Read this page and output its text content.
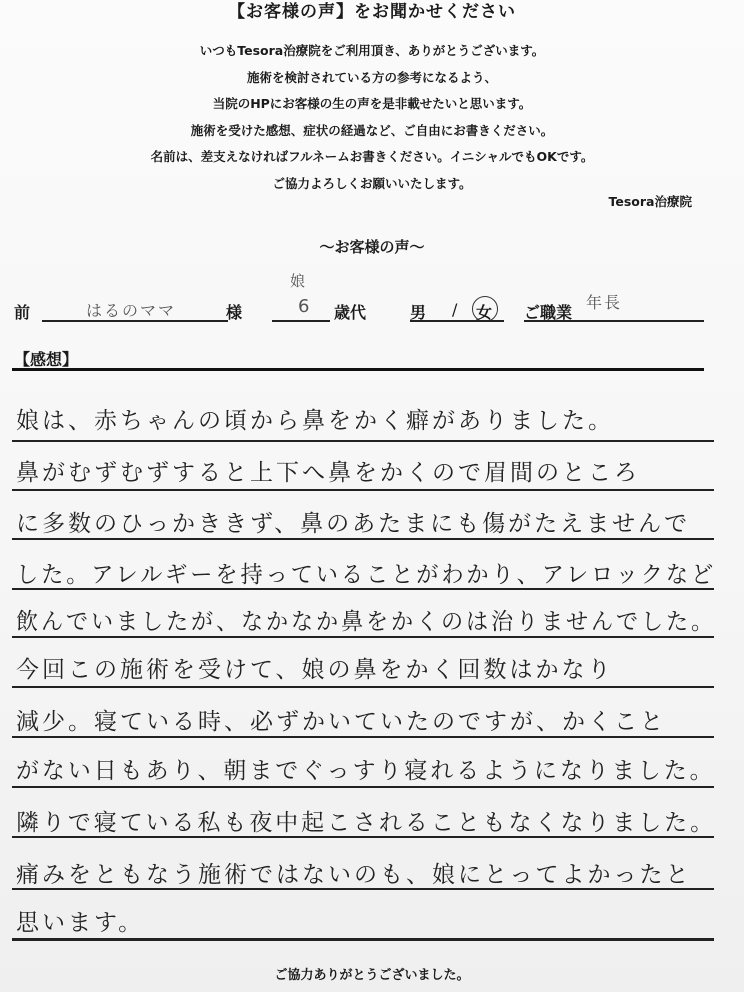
【お客様の声】をお聞かせください
いつもTesora治療院をご利用頂き、ありがとうございます。
施術を検討されている方の参考になるよう、
当院のHPにお客様の生の声を是非載せたいと思います。
施術を受けた感想、症状の経過など、ご自由にお書きください。
名前は、差支えなければフルネームお書きください。イニシャルでもOKです。
ご協力よろしくお願いいたします。
Tesora治療院
～お客様の声～
前	はるのママ	様
娘
6 歳代	男 / 女 ご職業
年長
【感想】
娘は、赤ちゃんの頃から鼻をかく癖がありました。
鼻がむずむずすると上下へ鼻をかくので眉間のところ
に多数のひっかききず、鼻のあたまにも傷がたえませんで
した。アレルギーを持っていることがわかり、アレロックなど
飲んでいましたが、なかなか鼻をかくのは治りませんでした。
今回この施術を受けて、娘の鼻をかく回数はかなり
減少。寝ている時、必ずかいていたのですが、かくこと
がない日もあり、朝までぐっすり寝れるようになりました。
隣りで寝ている私も夜中起こされることもなくなりました。
痛みをともなう施術ではないのも、娘にとってよかったと
思います。
ご協力ありがとうございました。
